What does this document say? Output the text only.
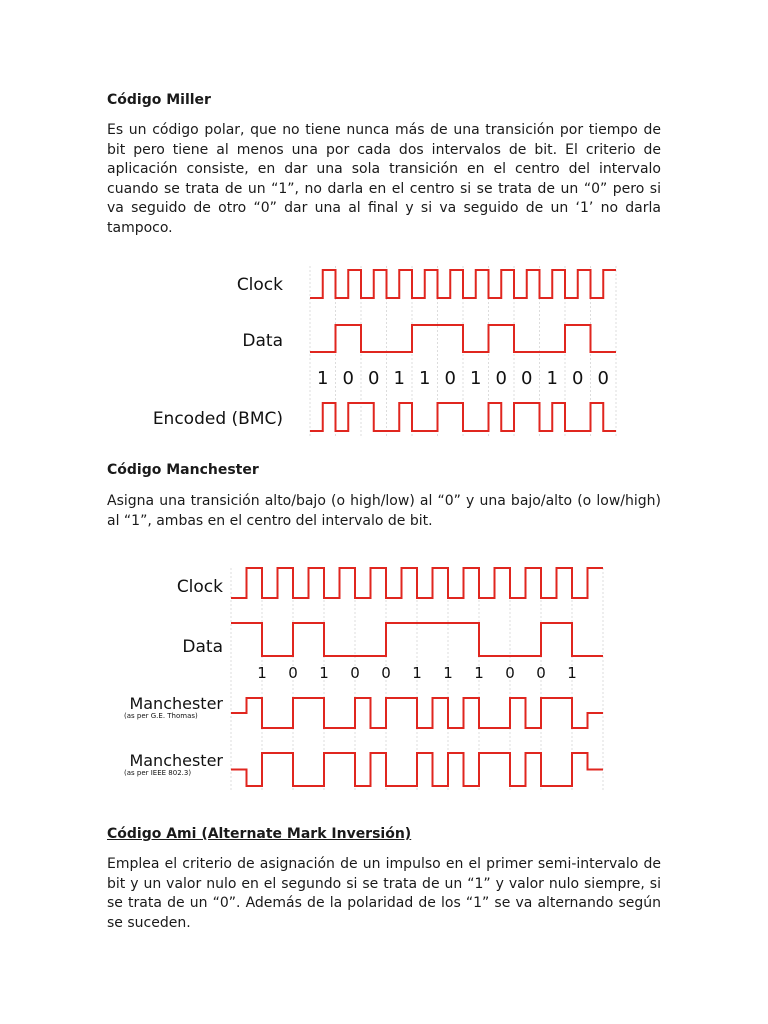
Código Miller

Es un código polar, que no tiene nunca más de una transición por tiempo de bit pero tiene al menos una por cada dos intervalos de bit. El criterio de aplicación consiste, en dar una sola transición en el centro del intervalo cuando se trata de un “1”, no darla en el centro si se trata de un “0” pero si va seguido de otro “0” dar una al final y si va seguido de un ‘1’ no darla tampoco.

Clock
Data
Encoded (BMC)
1 0 0 1 1 0 1 0 0 1 0 0
Código Manchester

Asigna una transición alto/bajo (o high/low) al “0” y una bajo/alto (o low/high) al “1”, ambas en el centro del intervalo de bit.

Clock
Data
Manchester
(as per G.E. Thomas)
Manchester
(as per IEEE 802.3)
1 0 1 0 0 1 1 1 0 0 1
Código Ami (Alternate Mark Inversión)

Emplea el criterio de asignación de un impulso en el primer semi-intervalo de bit y un valor nulo en el segundo si se trata de un “1” y valor nulo siempre, si se trata de un “0”. Además de la polaridad de los “1” se va alternando según se suceden.
